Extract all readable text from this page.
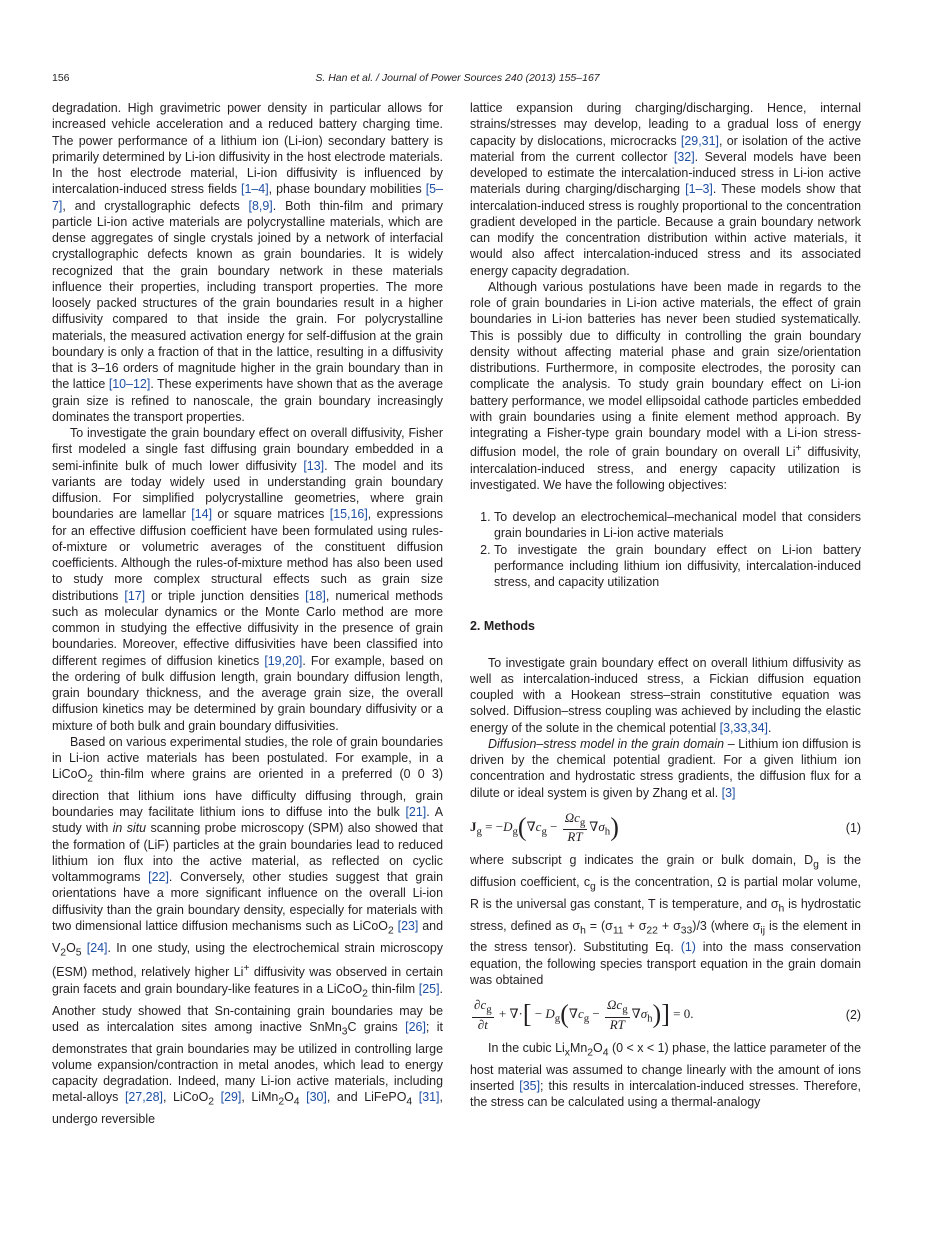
156	S. Han et al. / Journal of Power Sources 240 (2013) 155–167

degradation. High gravimetric power density in particular allows for increased vehicle acceleration and a reduced battery charging time. The power performance of a lithium ion (Li-ion) secondary battery is primarily determined by Li-ion diffusivity in the host electrode materials. In the host electrode material, Li-ion diffusivity is influenced by intercalation-induced stress fields [1–4], phase boundary mobilities [5–7], and crystallographic defects [8,9]. Both thin-film and primary particle Li-ion active materials are polycrystalline materials, which are dense aggregates of single crystals joined by a network of interfacial crystallographic defects known as grain boundaries. It is widely recognized that the grain boundary network in these materials influence their properties, including transport properties. The more loosely packed structures of the grain boundaries result in a higher diffusivity compared to that inside the grain. For polycrystalline materials, the measured activation energy for self-diffusion at the grain boundary is only a fraction of that in the lattice, resulting in a diffusivity that is 3–16 orders of magnitude higher in the grain boundary than in the lattice [10–12]. These experiments have shown that as the average grain size is refined to nanoscale, the grain boundary increasingly dominates the transport properties.

To investigate the grain boundary effect on overall diffusivity, Fisher first modeled a single fast diffusing grain boundary embedded in a semi-infinite bulk of much lower diffusivity [13]. The model and its variants are today widely used in understanding grain boundary diffusion. For simplified polycrystalline geometries, where grain boundaries are lamellar [14] or square matrices [15,16], expressions for an effective diffusion coefficient have been formulated using rules-of-mixture or volumetric averages of the constituent diffusion coefficients. Although the rules-of-mixture method has also been used to study more complex structural effects such as grain size distributions [17] or triple junction densities [18], numerical methods such as molecular dynamics or the Monte Carlo method are more common in studying the effective diffusivity in the presence of grain boundaries. Moreover, effective diffusivities have been classified into different regimes of diffusion kinetics [19,20]. For example, based on the ordering of bulk diffusion length, grain boundary diffusion length, grain boundary thickness, and the average grain size, the overall diffusion kinetics may be determined by grain boundary diffusivity or a mixture of both bulk and grain boundary diffusivities.

Based on various experimental studies, the role of grain boundaries in Li-ion active materials has been postulated. For example, in a LiCoO$_2$ thin-film where grains are oriented in a preferred (0 0 3) direction that lithium ions have difficulty diffusing through, grain boundaries may facilitate lithium ions to diffuse into the bulk [21]. A study with in situ scanning probe microscopy (SPM) also showed that the formation of (LiF) particles at the grain boundaries lead to reduced lithium ion flux into the active material, as reflected on cyclic voltammograms [22]. Conversely, other studies suggest that grain orientations have a more significant influence on the overall Li-ion diffusivity than the grain boundary density, especially for materials with two dimensional lattice diffusion mechanisms such as LiCoO$_2$ [23] and $V_2O_5$ [24]. In one study, using the electrochemical strain microscopy (ESM) method, relatively higher Li+ diffusivity was observed in certain grain facets and grain boundary-like features in a LiCoO$_2$ thin-film [25]. Another study showed that Sn-containing grain boundaries may be used as intercalation sites among inactive SnMn$_3$C grains [26]; it demonstrates that grain boundaries may be utilized in controlling large volume expansion/contraction in metal anodes, which lead to energy capacity degradation. Indeed, many Li-ion active materials, including metal-alloys [27,28], LiCoO$_2$ [29], $LiMn_2O_4$ [30], and LiFePO$_4$ [31], undergo reversible

lattice expansion during charging/discharging. Hence, internal strains/stresses may develop, leading to a gradual loss of energy capacity by dislocations, microcracks [29,31], or isolation of the active material from the current collector [32]. Several models have been developed to estimate the intercalation-induced stress in Li-ion active materials during charging/discharging [1–3]. These models show that intercalation-induced stress is roughly proportional to the concentration gradient developed in the particle. Because a grain boundary network can modify the concentration distribution within active materials, it would also affect intercalation-induced stress and its associated energy capacity degradation.

Although various postulations have been made in regards to the role of grain boundaries in Li-ion active materials, the effect of grain boundaries in Li-ion batteries has never been studied systematically. This is possibly due to difficulty in controlling the grain boundary density without affecting material phase and grain size/orientation distributions. Furthermore, in composite electrodes, the porosity can complicate the analysis. To study grain boundary effect on Li-ion battery performance, we model ellipsoidal cathode particles embedded with grain boundaries using a finite element method approach. By integrating a Fisher-type grain boundary model with a Li-ion stress-diffusion model, the role of grain boundary on overall Li+ diffusivity, intercalation-induced stress, and energy capacity utilization is investigated. We have the following objectives:

1. To develop an electrochemical–mechanical model that considers grain boundaries in Li-ion active materials
2. To investigate the grain boundary effect on Li-ion battery performance including lithium ion diffusivity, intercalation-induced stress, and capacity utilization
2. Methods

To investigate grain boundary effect on overall lithium diffusivity as well as intercalation-induced stress, a Fickian diffusion equation coupled with a Hookean stress–strain constitutive equation was solved. Diffusion–stress coupling was achieved by including the elastic energy of the solute in the chemical potential [3,33,34].

Diffusion–stress model in the grain domain – Lithium ion diffusion is driven by the chemical potential gradient. For a given lithium ion concentration and hydrostatic stress gradients, the diffusion flux for a dilute or ideal system is given by Zhang et al. [3]

$J_g = -D_g(\nabla c_g - \frac{\Omega c_g}{RT} \nabla\sigma_h)$	(1)

where subscript g indicates the grain or bulk domain, $D_g$ is the diffusion coefficient, $c_g$ is the concentration, Ω is partial molar volume, R is the universal gas constant, T is temperature, and $\sigma_h$ is hydrostatic stress, defined as $\sigma_h = (\sigma_{11} + \sigma_{22} + \sigma_{33})/3$ (where $\sigma_{ij}$ is the element in the stress tensor). Substituting Eq. (1) into the mass conservation equation, the following species transport equation in the grain domain was obtained

$\frac{\partial c_g}{\partial t}$ + ∇·[ − $D_g(\nabla c_g - \frac{\Omega c_g}{RT} \nabla\sigma_h)] = 0$.	(2)

In the cubic $Li_xMn_2O_4$ (0 < x < 1) phase, the lattice parameter of the host material was assumed to change linearly with the amount of ions inserted [35]; this results in intercalation-induced stresses. Therefore, the stress can be calculated using a thermal-analogy
